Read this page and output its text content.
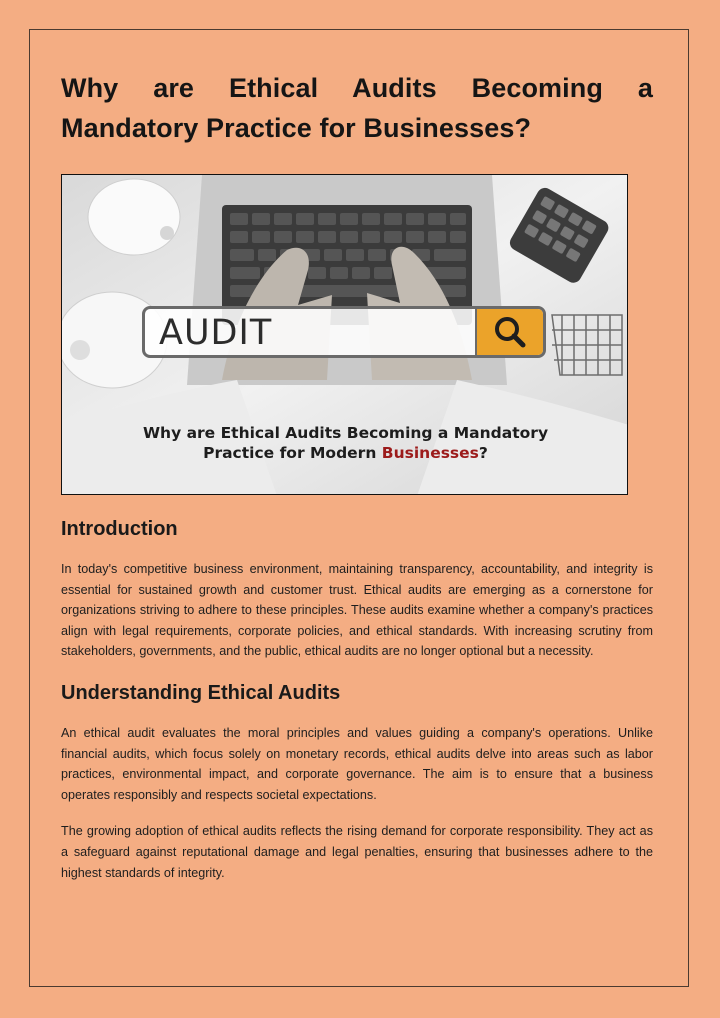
Why are Ethical Audits Becoming a Mandatory Practice for Businesses?
AUDIT
Why are Ethical Audits Becoming a Mandatory
Practice for Modern Businesses?
Introduction

In today's competitive business environment, maintaining transparency, accountability, and integrity is essential for sustained growth and customer trust. Ethical audits are emerging as a cornerstone for organizations striving to adhere to these principles. These audits examine whether a company's practices align with legal requirements, corporate policies, and ethical standards. With increasing scrutiny from stakeholders, governments, and the public, ethical audits are no longer optional but a necessity.

Understanding Ethical Audits

An ethical audit evaluates the moral principles and values guiding a company's operations. Unlike financial audits, which focus solely on monetary records, ethical audits delve into areas such as labor practices, environmental impact, and corporate governance. The aim is to ensure that a business operates responsibly and respects societal expectations.

The growing adoption of ethical audits reflects the rising demand for corporate responsibility. They act as a safeguard against reputational damage and legal penalties, ensuring that businesses adhere to the highest standards of integrity.
